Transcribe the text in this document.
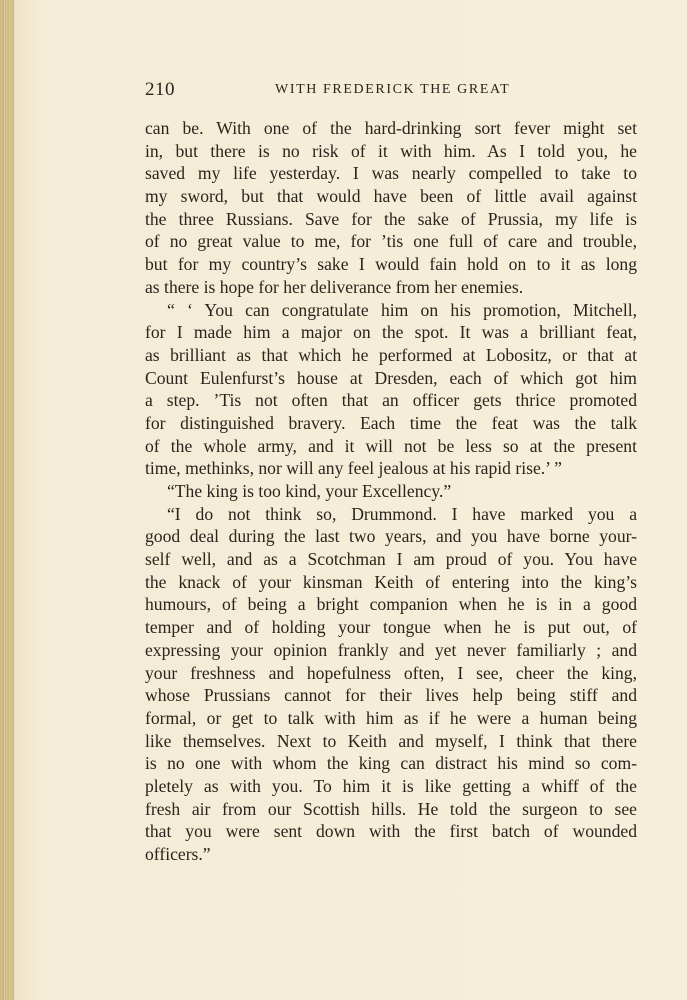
210	WITH FREDERICK THE GREAT
can be. With one of the hard-drinking sort fever might set
in, but there is no risk of it with him. As I told you, he
saved my life yesterday. I was nearly compelled to take to
my sword, but that would have been of little avail against
the three Russians. Save for the sake of Prussia, my life is
of no great value to me, for ’tis one full of care and trouble,
but for my country’s sake I would fain hold on to it as long
as there is hope for her deliverance from her enemies.
“ ‘ You can congratulate him on his promotion, Mitchell,
for I made him a major on the spot. It was a brilliant feat,
as brilliant as that which he performed at Lobositz, or that at
Count Eulenfurst’s house at Dresden, each of which got him
a step. ’Tis not often that an officer gets thrice promoted
for distinguished bravery. Each time the feat was the talk
of the whole army, and it will not be less so at the present
time, methinks, nor will any feel jealous at his rapid rise.’ ”
“The king is too kind, your Excellency.”
“I do not think so, Drummond. I have marked you a
good deal during the last two years, and you have borne your-
self well, and as a Scotchman I am proud of you. You have
the knack of your kinsman Keith of entering into the king’s
humours, of being a bright companion when he is in a good
temper and of holding your tongue when he is put out, of
expressing your opinion frankly and yet never familiarly ; and
your freshness and hopefulness often, I see, cheer the king,
whose Prussians cannot for their lives help being stiff and
formal, or get to talk with him as if he were a human being
like themselves. Next to Keith and myself, I think that there
is no one with whom the king can distract his mind so com-
pletely as with you. To him it is like getting a whiff of the
fresh air from our Scottish hills. He told the surgeon to see
that you were sent down with the first batch of wounded
officers.”
